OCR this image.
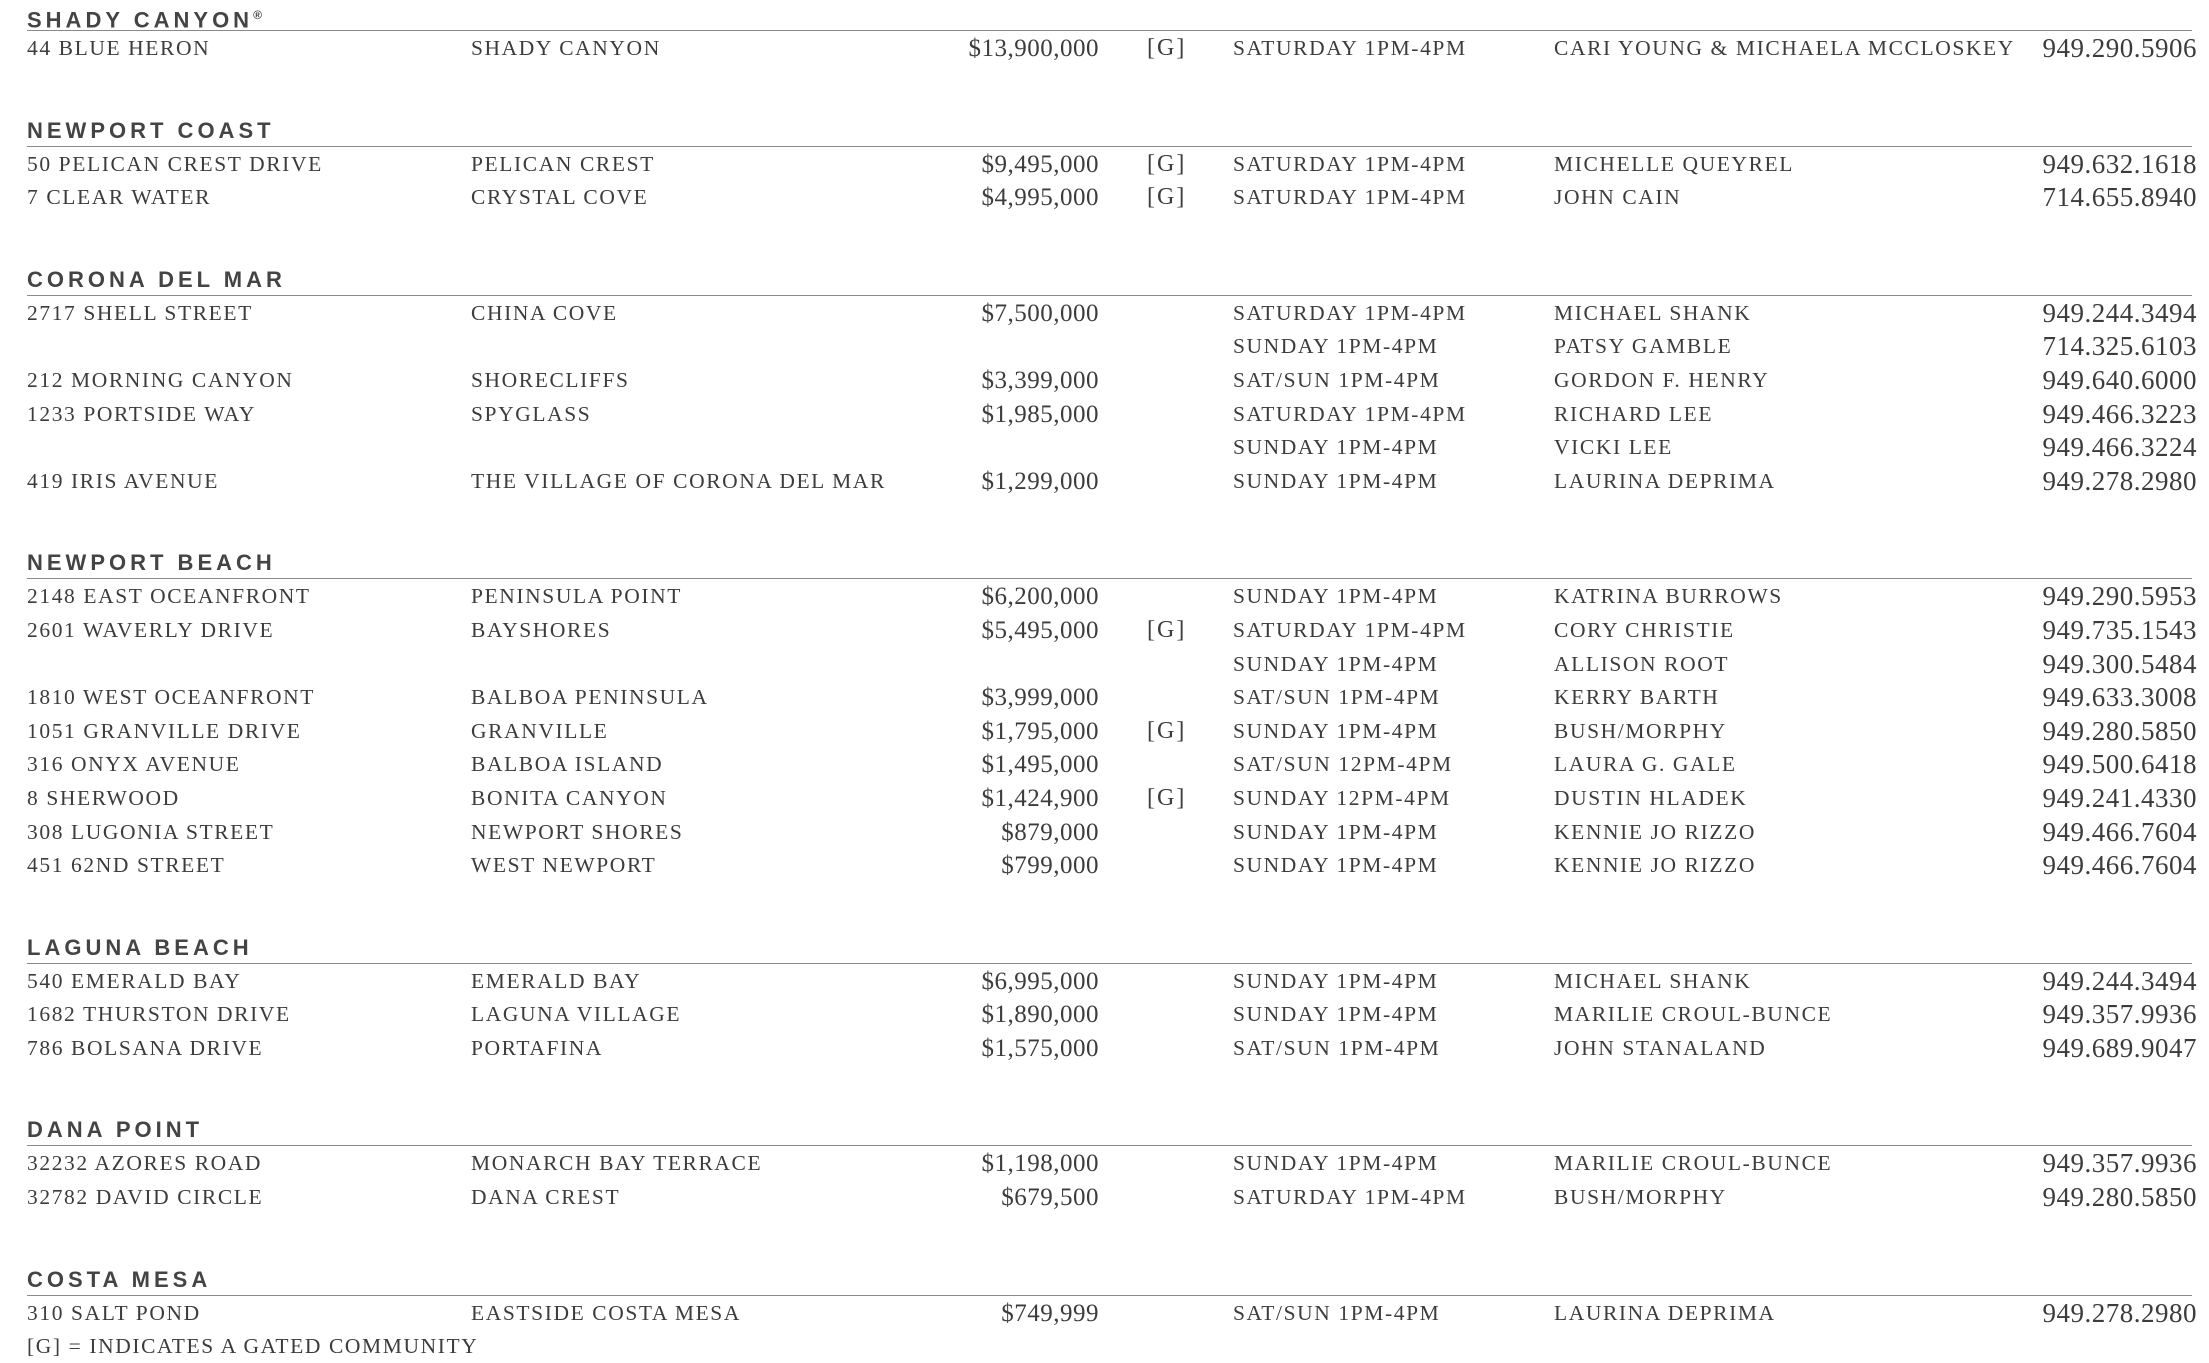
SHADY CANYON®
44 BLUE HERON	SHADY CANYON	$13,900,000 [G] SATURDAY 1PM-4PM	CARI YOUNG & MICHAELA MCCLOSKEY 949.290.5906
NEWPORT COAST
50 PELICAN CREST DRIVE	PELICAN CREST	$9,495,000 [G] SATURDAY 1PM-4PM	MICHELLE QUEYREL	949.632.1618
7 CLEAR WATER	CRYSTAL COVE	$4,995,000 [G] SATURDAY 1PM-4PM	JOHN CAIN	714.655.8940
CORONA DEL MAR
2717 SHELL STREET	CHINA COVE	$7,500,000	SATURDAY 1PM-4PM	MICHAEL SHANK	949.244.3494
SUNDAY 1PM-4PM	PATSY GAMBLE	714.325.6103
212 MORNING CANYON	SHORECLIFFS	$3,399,000	SAT/SUN 1PM-4PM	GORDON F. HENRY	949.640.6000
1233 PORTSIDE WAY	SPYGLASS	$1,985,000	SATURDAY 1PM-4PM	RICHARD LEE	949.466.3223
SUNDAY 1PM-4PM	VICKI LEE	949.466.3224
419 IRIS AVENUE	THE VILLAGE OF CORONA DEL MAR	$1,299,000	SUNDAY 1PM-4PM	LAURINA DEPRIMA	949.278.2980
NEWPORT BEACH
2148 EAST OCEANFRONT	PENINSULA POINT	$6,200,000	SUNDAY 1PM-4PM	KATRINA BURROWS	949.290.5953
2601 WAVERLY DRIVE	BAYSHORES	$5,495,000 [G] SATURDAY 1PM-4PM	CORY CHRISTIE	949.735.1543
SUNDAY 1PM-4PM	ALLISON ROOT	949.300.5484
1810 WEST OCEANFRONT	BALBOA PENINSULA	$3,999,000	SAT/SUN 1PM-4PM	KERRY BARTH	949.633.3008
1051 GRANVILLE DRIVE	GRANVILLE	$1,795,000 [G] SUNDAY 1PM-4PM	BUSH/MORPHY	949.280.5850
316 ONYX AVENUE	BALBOA ISLAND	$1,495,000	SAT/SUN 12PM-4PM	LAURA G. GALE	949.500.6418
8 SHERWOOD	BONITA CANYON	$1,424,900 [G] SUNDAY 12PM-4PM	DUSTIN HLADEK	949.241.4330
308 LUGONIA STREET	NEWPORT SHORES	$879,000	SUNDAY 1PM-4PM	KENNIE JO RIZZO	949.466.7604
451 62ND STREET	WEST NEWPORT	$799,000	SUNDAY 1PM-4PM	KENNIE JO RIZZO	949.466.7604
LAGUNA BEACH
540 EMERALD BAY	EMERALD BAY	$6,995,000	SUNDAY 1PM-4PM	MICHAEL SHANK	949.244.3494
1682 THURSTON DRIVE	LAGUNA VILLAGE	$1,890,000	SUNDAY 1PM-4PM	MARILIE CROUL-BUNCE	949.357.9936
786 BOLSANA DRIVE	PORTAFINA	$1,575,000	SAT/SUN 1PM-4PM	JOHN STANALAND	949.689.9047
DANA POINT
32232 AZORES ROAD	MONARCH BAY TERRACE	$1,198,000	SUNDAY 1PM-4PM	MARILIE CROUL-BUNCE	949.357.9936
32782 DAVID CIRCLE	DANA CREST	$679,500	SATURDAY 1PM-4PM	BUSH/MORPHY	949.280.5850
COSTA MESA
310 SALT POND	EASTSIDE COSTA MESA	$749,999	SAT/SUN 1PM-4PM	LAURINA DEPRIMA	949.278.2980
[G] = INDICATES A GATED COMMUNITY
